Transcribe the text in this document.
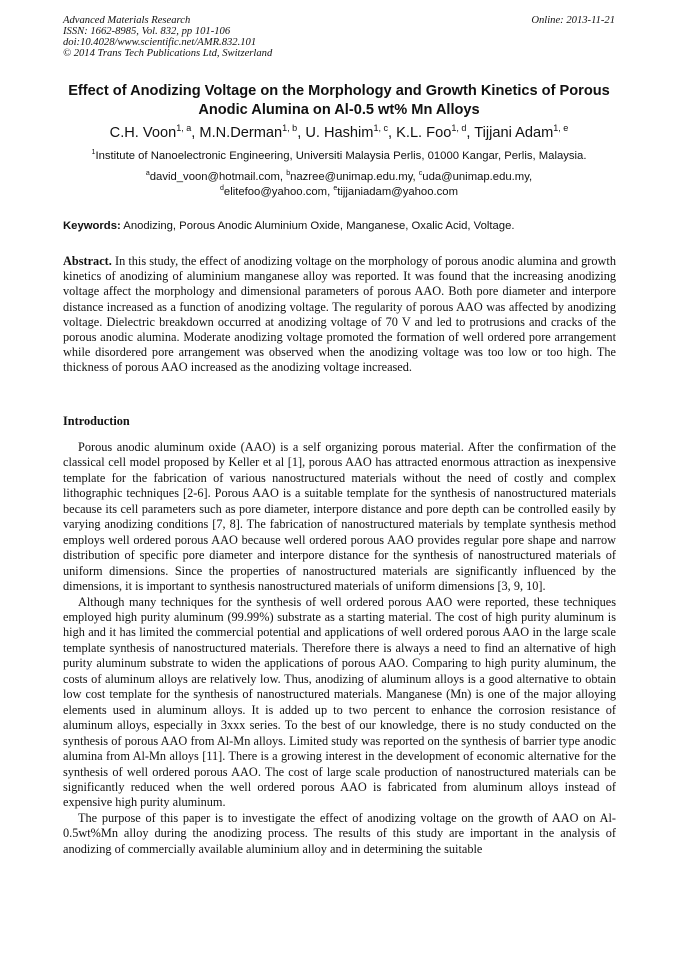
Advanced Materials Research
ISSN: 1662-8985, Vol. 832, pp 101-106
doi:10.4028/www.scientific.net/AMR.832.101
© 2014 Trans Tech Publications Ltd, Switzerland
Online: 2013-11-21
Effect of Anodizing Voltage on the Morphology and Growth Kinetics of Porous Anodic Alumina on Al-0.5 wt% Mn Alloys
C.H. Voon$^{1, a}$, M.N.Derman$^{1, b}$, U. Hashim$^{1, c}$, K.L. Foo$^{1, d}$, Tijjani Adam$^{1, e}$
$^1$Institute of Nanoelectronic Engineering, Universiti Malaysia Perlis, 01000 Kangar, Perlis, Malaysia.
$^a$david_voon@hotmail.com, $^b$nazree@unimap.edu.my, $^c$uda@unimap.edu.my,
$^d$elitefoo@yahoo.com, $^e$tijjaniadam@yahoo.com
Keywords: Anodizing, Porous Anodic Aluminium Oxide, Manganese, Oxalic Acid, Voltage.
Abstract. In this study, the effect of anodizing voltage on the morphology of porous anodic alumina and growth kinetics of anodizing of aluminium manganese alloy was reported. It was found that the increasing anodizing voltage affect the morphology and dimensional parameters of porous AAO. Both pore diameter and interpore distance increased as a function of anodizing voltage. The regularity of porous AAO was affected by anodizing voltage. Dielectric breakdown occurred at anodizing voltage of 70 V and led to protrusions and cracks of the porous anodic alumina. Moderate anodizing voltage promoted the formation of well ordered pore arrangement while disordered pore arrangement was observed when the anodizing voltage was too low or too high. The thickness of porous AAO increased as the anodizing voltage increased.
Introduction

Porous anodic aluminum oxide (AAO) is a self organizing porous material. After the confirmation of the classical cell model proposed by Keller et al [1], porous AAO has attracted enormous attraction as inexpensive template for the fabrication of various nanostructured materials without the need of costly and complex lithographic techniques [2-6]. Porous AAO is a suitable template for the synthesis of nanostructured materials because its cell parameters such as pore diameter, interpore distance and pore depth can be controlled easily by varying anodizing conditions [7, 8]. The fabrication of nanostructured materials by template synthesis method employs well ordered porous AAO because well ordered porous AAO provides regular pore shape and narrow distribution of specific pore diameter and interpore distance for the synthesis of nanostructured materials of uniform dimensions. Since the properties of nanostructured materials are significantly influenced by the dimensions, it is important to synthesis nanostructured materials of uniform dimensions [3, 9, 10].

Although many techniques for the synthesis of well ordered porous AAO were reported, these techniques employed high purity aluminum (99.99%) substrate as a starting material. The cost of high purity aluminum is high and it has limited the commercial potential and applications of well ordered porous AAO in the large scale template synthesis of nanostructured materials. Therefore there is always a need to find an alternative of high purity aluminum substrate to widen the applications of porous AAO. Comparing to high purity aluminum, the costs of aluminum alloys are relatively low. Thus, anodizing of aluminum alloys is a good alternative to obtain low cost template for the synthesis of nanostructured materials. Manganese (Mn) is one of the major alloying elements used in aluminum alloys. It is added up to two percent to enhance the corrosion resistance of aluminum alloys, especially in 3xxx series. To the best of our knowledge, there is no study conducted on the synthesis of porous AAO from Al-Mn alloys. Limited study was reported on the synthesis of barrier type anodic alumina from Al-Mn alloys [11]. There is a growing interest in the development of economic alternative for the synthesis of well ordered porous AAO. The cost of large scale production of nanostructured materials can be significantly reduced when the well ordered porous AAO is fabricated from aluminum alloys instead of expensive high purity aluminum.

The purpose of this paper is to investigate the effect of anodizing voltage on the growth of AAO on Al-0.5wt%Mn alloy during the anodizing process. The results of this study are important in the analysis of anodizing of commercially available aluminium alloy and in determining the suitable
